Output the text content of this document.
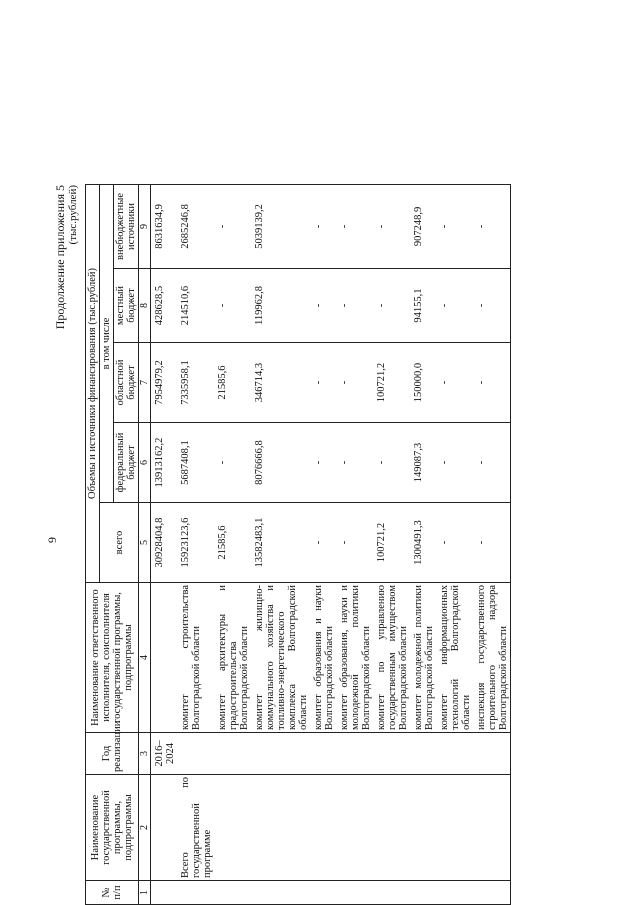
9
Продолжение приложения 5 (тыс.рублей)
№ п/п	Наименование государственной программы, подпрограммы	Год реализации	Наименование ответственного исполнителя, соисполнителя государственной программы, подпрограммы	Объемы и источники финансирования (тыс.рублей)				
				всего	в том числе			
					федеральный бюджет	областной бюджет	местный бюджет	внебюджетные источники
1	2	3	4	5	6	7	8	9
		2016–2024		30928404,8	13913162,2	7954979,2	428628,5	8631634,9
	Всего по государственной программе		комитет строительства Волгоградской области	15923123,6	5687408,1	7335958,1	214510,6	2685246,8
			комитет архитектуры и градостроительства Волгоградской области	21585,6	-	21585,6	-	-
			комитет жилищно-коммунального хозяйства и топливно-энергетического комплекса Волгоградской области	13582483,1	8076666,8	346714,3	119962,8	5039139,2
			комитет образования и науки Волгоградской области	-	-	-	-	-
			комитет образования, науки и молодежной политики Волгоградской области	-	-	-	-	-
			комитет по управлению государственным имуществом Волгоградской области	100721,2	-	100721,2	-	-
			комитет молодежной политики Волгоградской области	1300491,3	149087,3	150000,0	94155,1	907248,9
			комитет информационных технологий Волгоградской области	-	-	-	-	-
			инспекция государственного строительного надзора Волгоградской области	-	-	-	-	-
